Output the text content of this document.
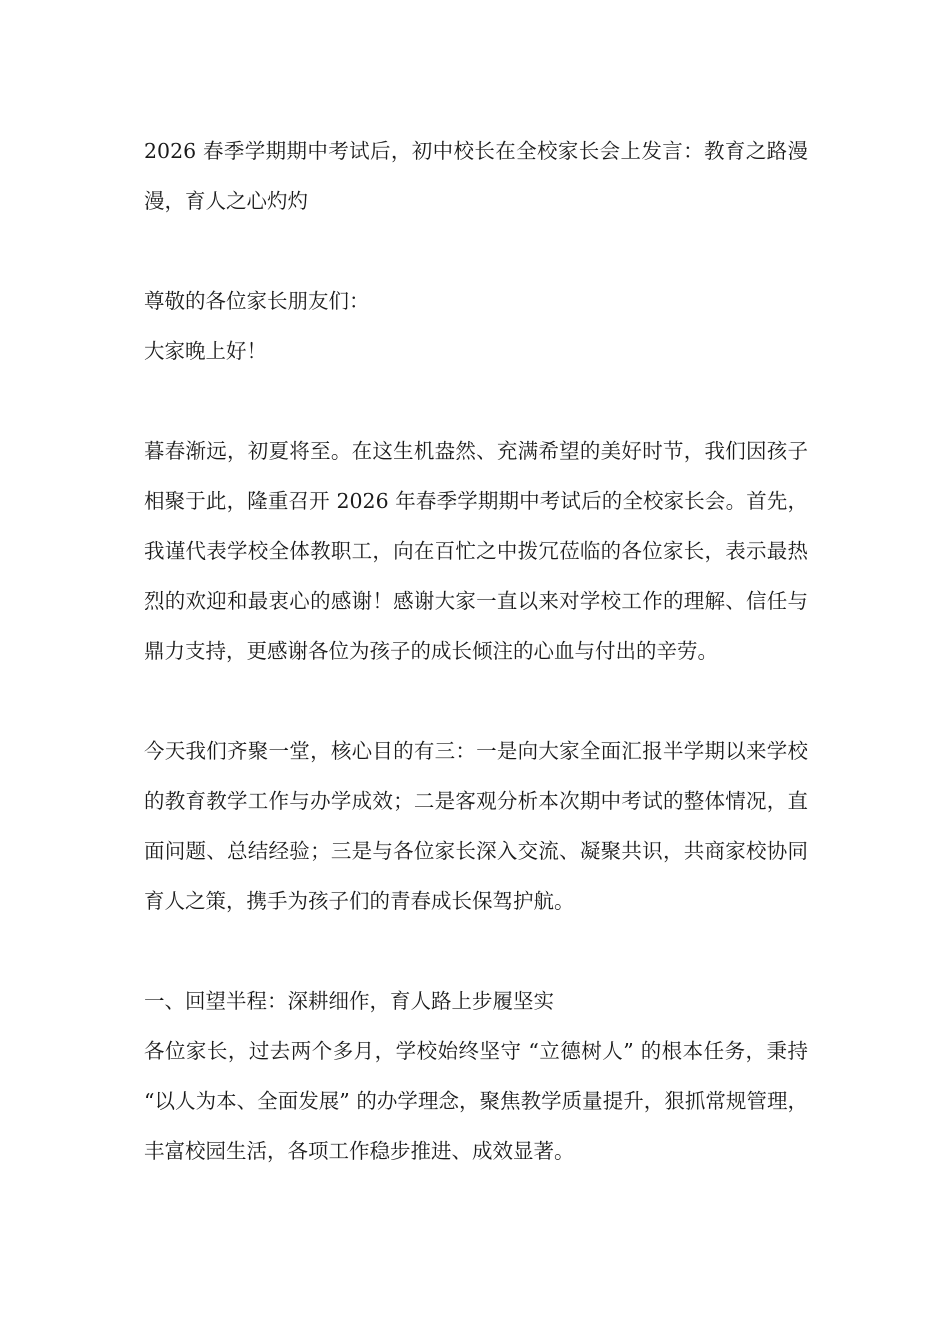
2026 春季学期期中考试后，初中校长在全校家长会上发言：教育之路漫漫，育人之心灼灼

尊敬的各位家长朋友们：

大家晚上好！

暮春渐远，初夏将至。在这生机盎然、充满希望的美好时节，我们因孩子相聚于此，隆重召开 2026 年春季学期期中考试后的全校家长会。首先，我谨代表学校全体教职工，向在百忙之中拨冗莅临的各位家长，表示最热烈的欢迎和最衷心的感谢！感谢大家一直以来对学校工作的理解、信任与鼎力支持，更感谢各位为孩子的成长倾注的心血与付出的辛劳。

今天我们齐聚一堂，核心目的有三：一是向大家全面汇报半学期以来学校的教育教学工作与办学成效；二是客观分析本次期中考试的整体情况，直面问题、总结经验；三是与各位家长深入交流、凝聚共识，共商家校协同育人之策，携手为孩子们的青春成长保驾护航。

一、回望半程：深耕细作，育人路上步履坚实

各位家长，过去两个多月，学校始终坚守 “立德树人” 的根本任务，秉持 “以人为本、全面发展” 的办学理念，聚焦教学质量提升，狠抓常规管理，丰富校园生活，各项工作稳步推进、成效显著。
